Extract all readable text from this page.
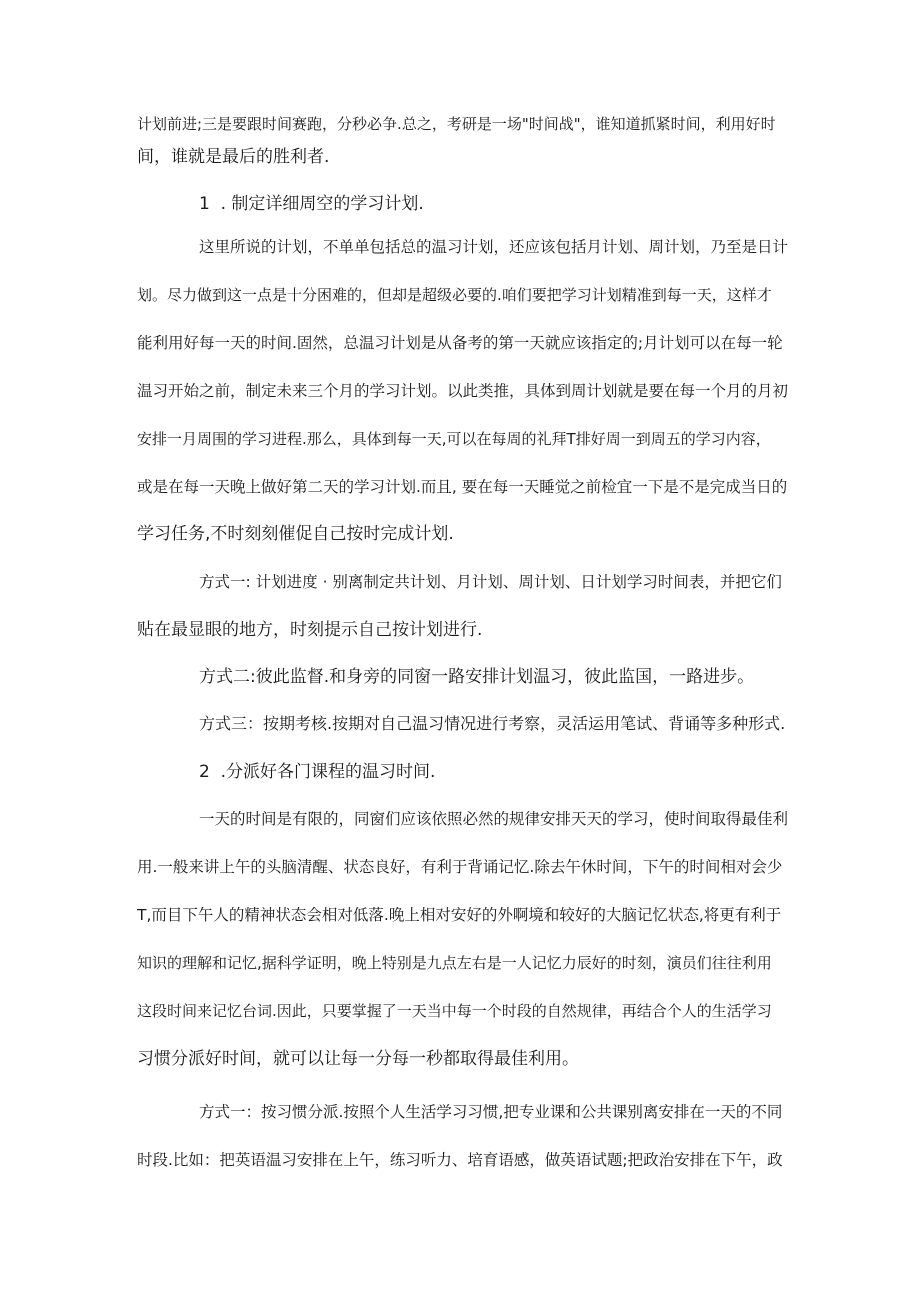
计划前进;三是要跟时间赛跑，分秒必争.总之，考研是一场"时间战"，谁知道抓紧时间，利用好时
间，谁就是最后的胜利者.
1  . 制定详细周空的学习计划.
这里所说的计划，不单单包括总的温习计划，还应该包括月计划、周计划，乃至是日计
划。尽力做到这一点是十分困难的，但却是超级必要的.咱们要把学习计划精准到每一天，这样才
能利用好每一天的时间.固然，总温习计划是从备考的第一天就应该指定的;月计划可以在每一轮
温习开始之前，制定未来三个月的学习计划。以此类推，具体到周计划就是要在每一个月的月初
安排一月周围的学习进程.那么，具体到每一天,可以在每周的礼拜T排好周一到周五的学习内容，
或是在每一天晚上做好第二天的学习计划.而且, 要在每一天睡觉之前检宜一下是不是完成当日的
学习任务,不时刻刻催促自己按时完成计划.
方式一: 计划进度 · 别离制定共计划、月计划、周计划、日计划学习时间表，并把它们
贴在最显眼的地方，时刻提示自己按计划进行.
方式二:彼此监督.和身旁的同窗一路安排计划温习，彼此监国，一路进步。
方式三：按期考核.按期对自己温习情况进行考察，灵活运用笔试、背诵等多种形式.
2  .分派好各门课程的温习时间.
一天的时间是有限的，同窗们应该依照必然的规律安排天天的学习，使时间取得最佳利
用.一般来讲上午的头脑清醒、状态良好，有利于背诵记忆.除去午休时间，下午的时间相对会少
T,而目下午人的精神状态会相对低落.晚上相对安好的外啊境和较好的大脑记忆状态,将更有利于
知识的理解和记忆,据科学证明，晚上特别是九点左右是一人记忆力辰好的时刻，演员们往往利用
这段时间来记忆台词.因此，只要掌握了一天当中每一个时段的自然规律，再结合个人的生活学习
习惯分派好时间，就可以让每一分每一秒都取得最佳利用。
方式一：按习惯分派.按照个人生活学习习惯,把专业课和公共课别离安排在一天的不同
时段.比如：把英语温习安排在上午，练习听力、培育语感，做英语试题;把政治安排在下午，政
